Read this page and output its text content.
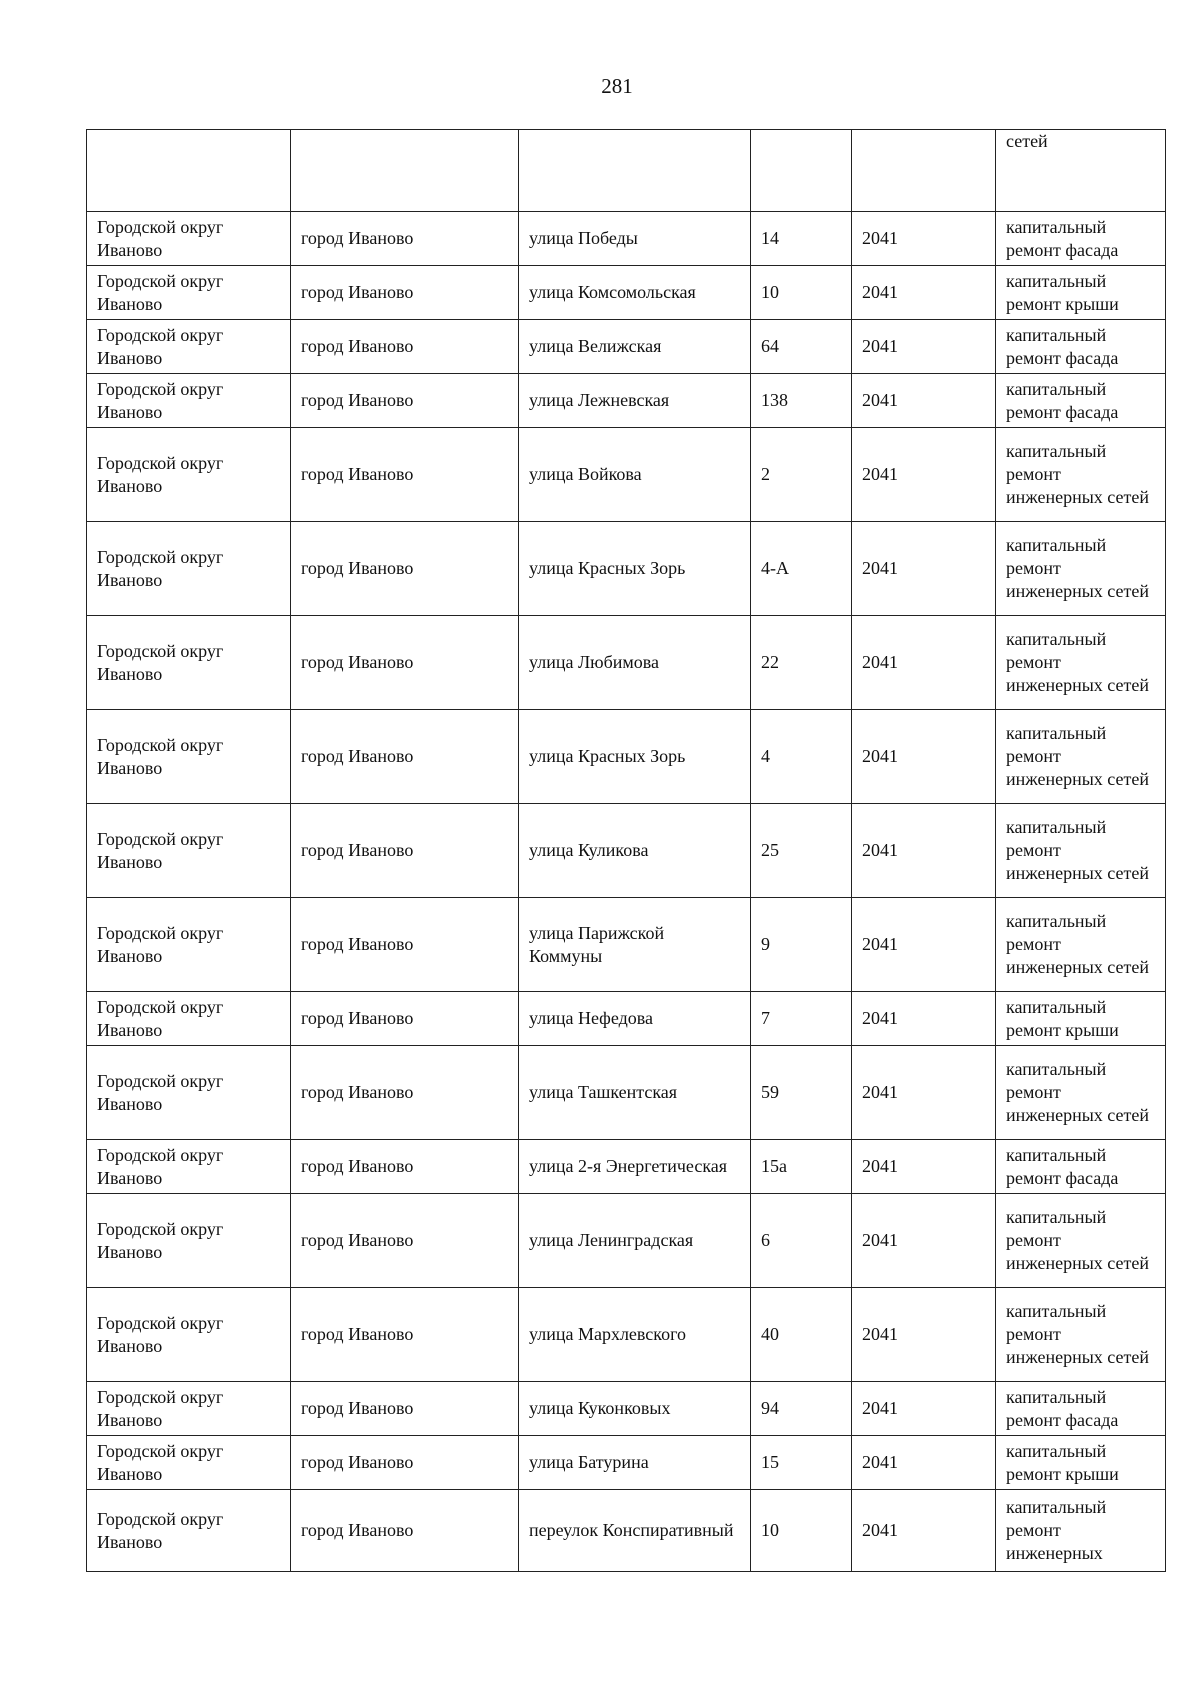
281
					сетей
Городской округ Иваново	город Иваново	улица Победы	14	2041	капитальный ремонт фасада
Городской округ Иваново	город Иваново	улица Комсомольская	10	2041	капитальный ремонт крыши
Городской округ Иваново	город Иваново	улица Велижская	64	2041	капитальный ремонт фасада
Городской округ Иваново	город Иваново	улица Лежневская	138	2041	капитальный ремонт фасада
Городской округ Иваново	город Иваново	улица Войкова	2	2041	капитальный ремонт инженерных сетей
Городской округ Иваново	город Иваново	улица Красных Зорь	4-А	2041	капитальный ремонт инженерных сетей
Городской округ Иваново	город Иваново	улица Любимова	22	2041	капитальный ремонт инженерных сетей
Городской округ Иваново	город Иваново	улица Красных Зорь	4	2041	капитальный ремонт инженерных сетей
Городской округ Иваново	город Иваново	улица Куликова	25	2041	капитальный ремонт инженерных сетей
Городской округ Иваново	город Иваново	улица Парижской Коммуны	9	2041	капитальный ремонт инженерных сетей
Городской округ Иваново	город Иваново	улица Нефедова	7	2041	капитальный ремонт крыши
Городской округ Иваново	город Иваново	улица Ташкентская	59	2041	капитальный ремонт инженерных сетей
Городской округ Иваново	город Иваново	улица 2-я Энергетическая	15а	2041	капитальный ремонт фасада
Городской округ Иваново	город Иваново	улица Ленинградская	6	2041	капитальный ремонт инженерных сетей
Городской округ Иваново	город Иваново	улица Мархлевского	40	2041	капитальный ремонт инженерных сетей
Городской округ Иваново	город Иваново	улица Куконковых	94	2041	капитальный ремонт фасада
Городской округ Иваново	город Иваново	улица Батурина	15	2041	капитальный ремонт крыши
Городской округ Иваново	город Иваново	переулок Конспиративный	10	2041	капитальный ремонт инженерных
